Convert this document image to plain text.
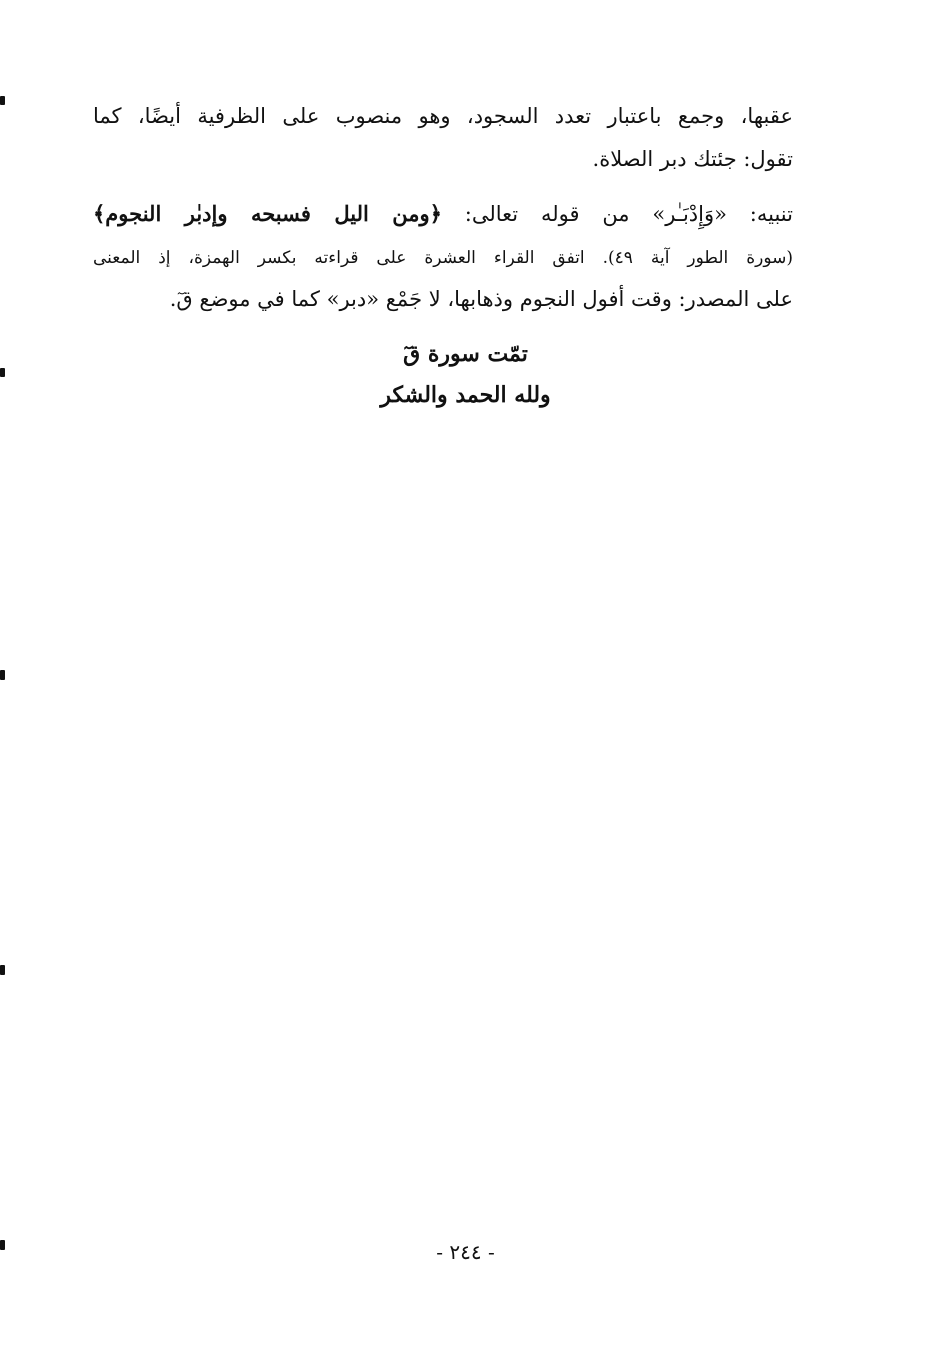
عقبها، وجمع باعتبار تعدد السجود، وهو منصوب على الظرفية أيضًا، كما
تقول: جئتك دبر الصلاة.
تنبيه: «وَإِدْبَـٰر» من قوله تعالى: ﴿ومن اليل فسبحه وإدبٰر النجوم﴾
(سورة الطور آية ٤٩). اتفق القراء العشرة على قراءته بكسر الهمزة، إذ المعنى
على المصدر: وقت أفول النجوم وذهابها، لا جَمْع «دبر» كما في موضع قٓ.
تمّت سورة قٓ
ولله الحمد والشكر
- ٢٤٤ -
